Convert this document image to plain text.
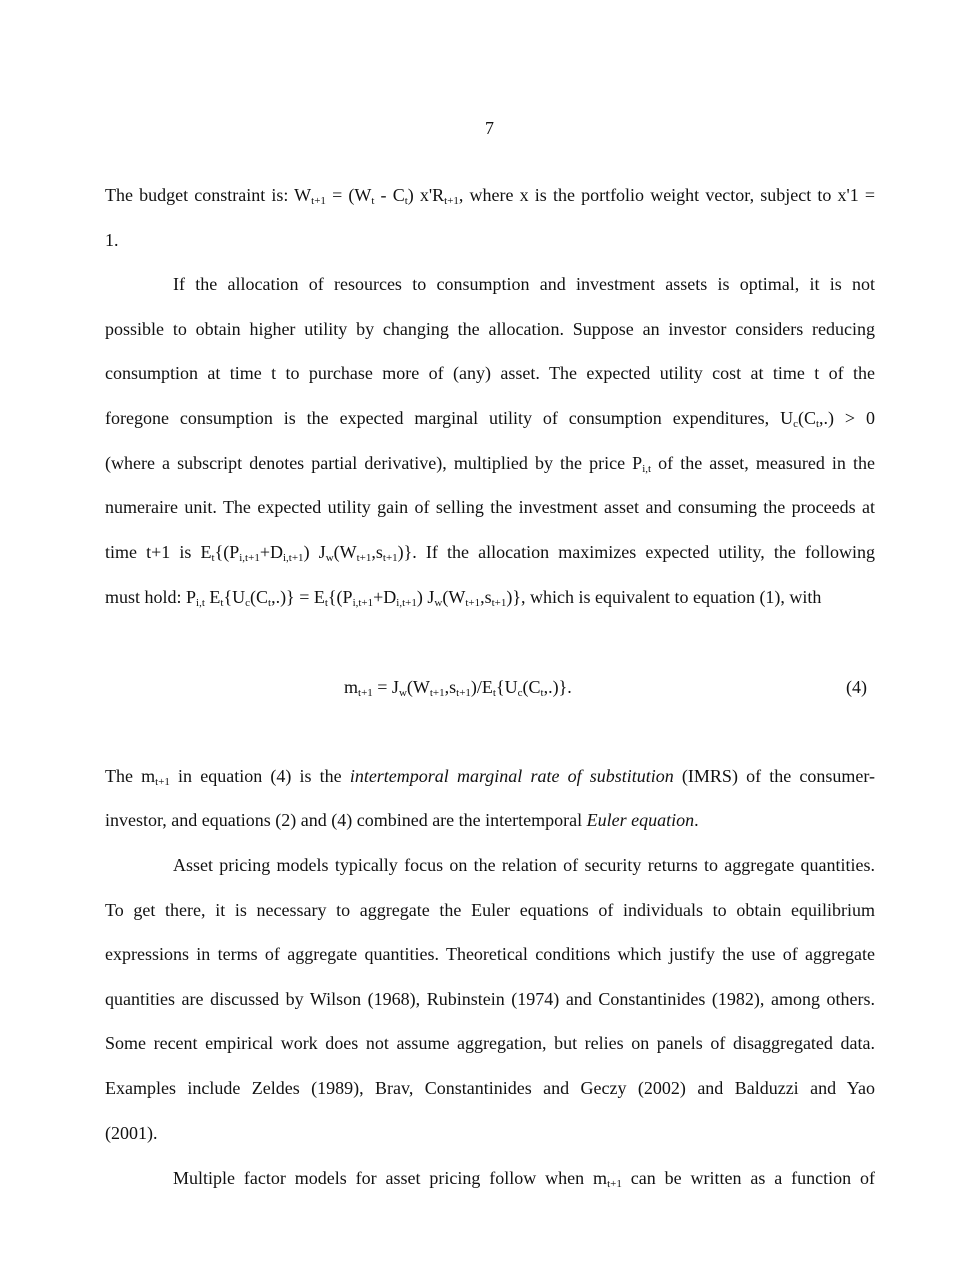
7
The budget constraint is: $W_{t+1} = (W_t - C_t)$ $x'R_{t+1}$, where x is the portfolio weight vector, subject to x'1 =
1.
If the allocation of resources to consumption and investment assets is optimal, it is not
possible to obtain higher utility by changing the allocation. Suppose an investor considers reducing
consumption at time t to purchase more of (any) asset. The expected utility cost at time t of the
foregone consumption is the expected marginal utility of consumption expenditures, $U_c(C_t,.) > 0$
(where a subscript denotes partial derivative), multiplied by the price $P_{i,t}$ of the asset, measured in the
numeraire unit. The expected utility gain of selling the investment asset and consuming the proceeds at
time t+1 is $E_t\{(P_{i,t+1}+D_{i,t+1})$ $J_w(W_{t+1},s_{t+1})$}. If the allocation maximizes expected utility, the following
must hold: $P_{i,t}$ $E_t\{U_c(C_t,.)\} = E_t\{(P_{i,t+1}+D_{i,t+1})$ $J_w(W_{t+1},s_{t+1})$}, which is equivalent to equation (1), with
$m_{t+1} = J_w(W_{t+1},s_{t+1})/E_t\{U_c(C_t,.)\}$.	(4)
The $m_{t+1}$ in equation (4) is the intertemporal marginal rate of substitution (IMRS) of the consumer-
investor, and equations (2) and (4) combined are the intertemporal Euler equation.
Asset pricing models typically focus on the relation of security returns to aggregate quantities.
To get there, it is necessary to aggregate the Euler equations of individuals to obtain equilibrium
expressions in terms of aggregate quantities. Theoretical conditions which justify the use of aggregate
quantities are discussed by Wilson (1968), Rubinstein (1974) and Constantinides (1982), among others.
Some recent empirical work does not assume aggregation, but relies on panels of disaggregated data.
Examples include Zeldes (1989), Brav, Constantinides and Geczy (2002) and Balduzzi and Yao
(2001).
Multiple factor models for asset pricing follow when $m_{t+1}$ can be written as a function of
